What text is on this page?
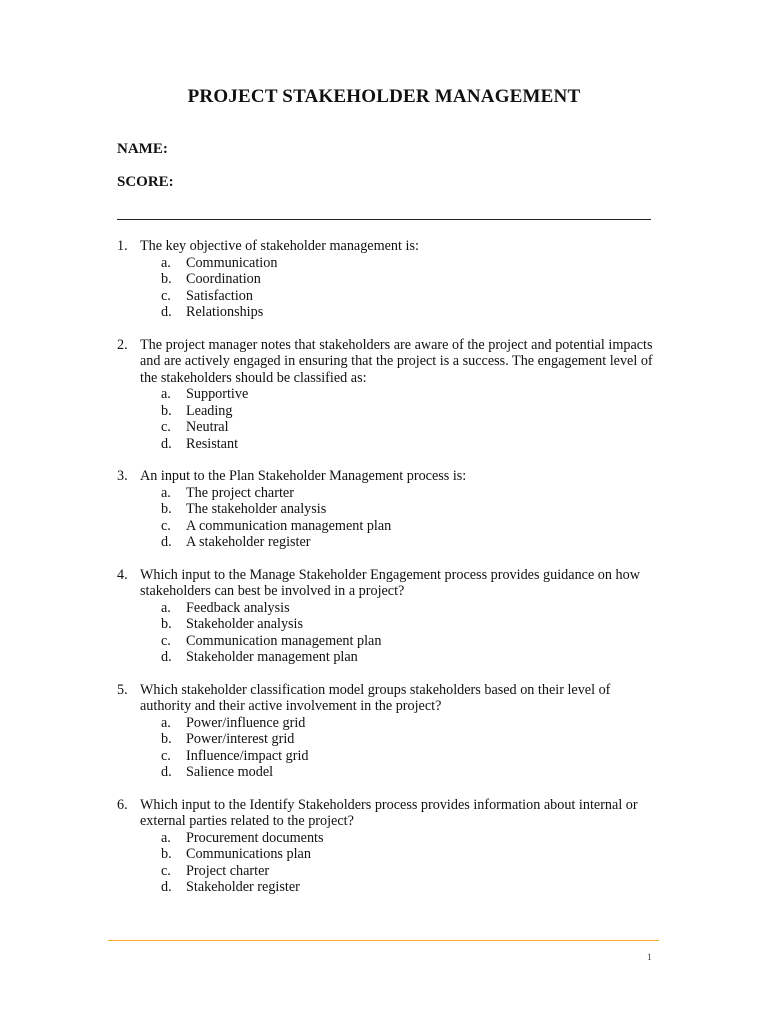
PROJECT STAKEHOLDER MANAGEMENT
NAME:
SCORE:
1. The key objective of stakeholder management is:
a. Communication
b. Coordination
c. Satisfaction
d. Relationships
2. The project manager notes that stakeholders are aware of the project and potential impacts and are actively engaged in ensuring that the project is a success. The engagement level of the stakeholders should be classified as:
a. Supportive
b. Leading
c. Neutral
d. Resistant
3. An input to the Plan Stakeholder Management process is:
a. The project charter
b. The stakeholder analysis
c. A communication management plan
d. A stakeholder register
4. Which input to the Manage Stakeholder Engagement process provides guidance on how stakeholders can best be involved in a project?
a. Feedback analysis
b. Stakeholder analysis
c. Communication management plan
d. Stakeholder management plan
5. Which stakeholder classification model groups stakeholders based on their level of authority and their active involvement in the project?
a. Power/influence grid
b. Power/interest grid
c. Influence/impact grid
d. Salience model
6. Which input to the Identify Stakeholders process provides information about internal or external parties related to the project?
a. Procurement documents
b. Communications plan
c. Project charter
d. Stakeholder register
1
